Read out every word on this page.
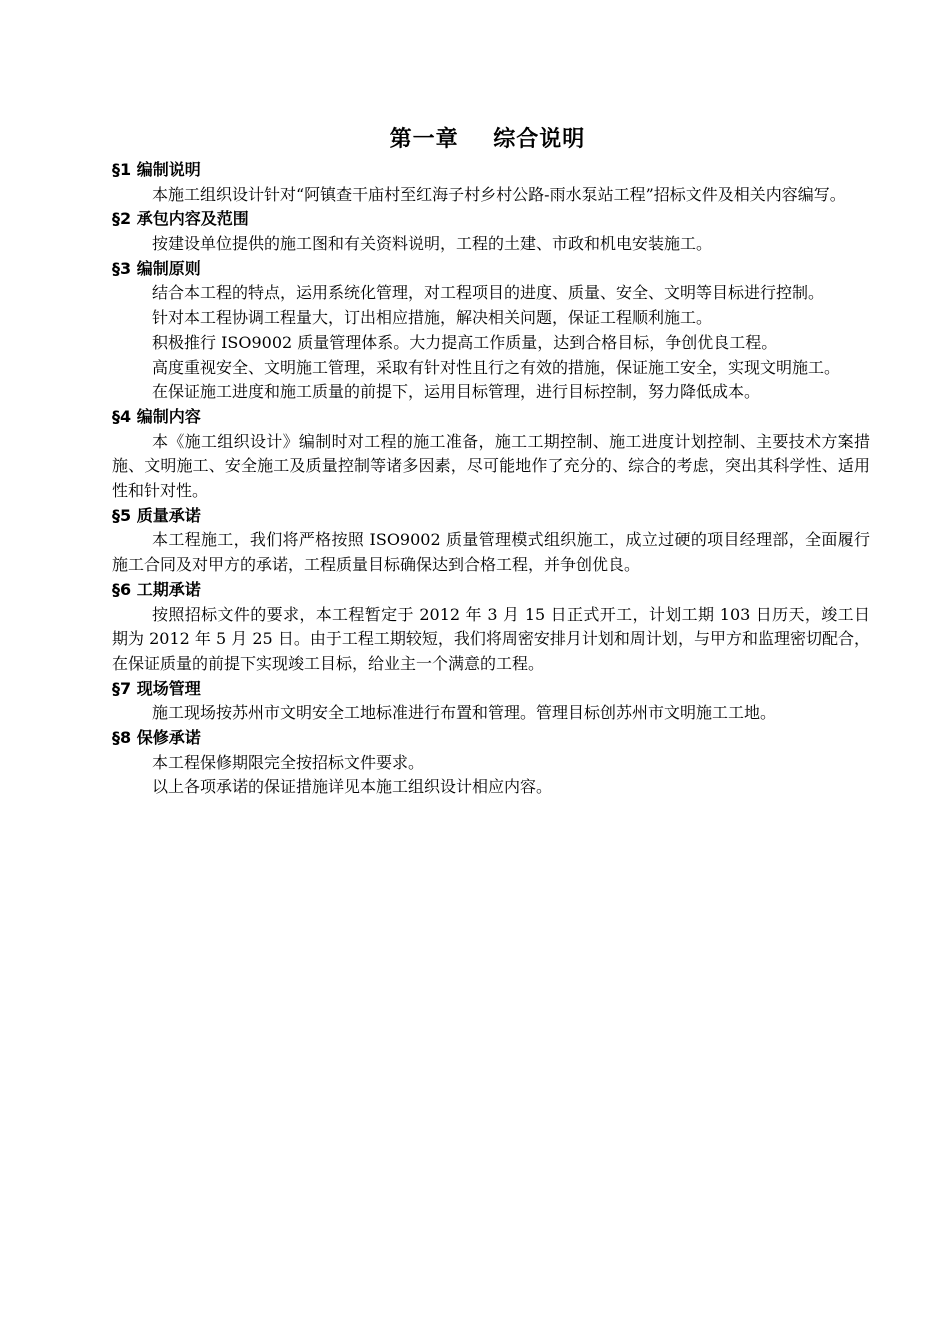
第一章    综合说明
§1 编制说明

本施工组织设计针对“阿镇查干庙村至红海子村乡村公路-雨水泵站工程”招标文件及相关内容编写。

§2 承包内容及范围

按建设单位提供的施工图和有关资料说明，工程的土建、市政和机电安装施工。

§3 编制原则

结合本工程的特点，运用系统化管理，对工程项目的进度、质量、安全、文明等目标进行控制。

针对本工程协调工程量大，订出相应措施，解决相关问题，保证工程顺利施工。

积极推行 ISO9002 质量管理体系。大力提高工作质量，达到合格目标，争创优良工程。

高度重视安全、文明施工管理，采取有针对性且行之有效的措施，保证施工安全，实现文明施工。

在保证施工进度和施工质量的前提下，运用目标管理，进行目标控制，努力降低成本。

§4 编制内容

本《施工组织设计》编制时对工程的施工准备，施工工期控制、施工进度计划控制、主要技术方案措施、文明施工、安全施工及质量控制等诸多因素，尽可能地作了充分的、综合的考虑，突出其科学性、适用性和针对性。

§5 质量承诺

本工程施工，我们将严格按照 ISO9002 质量管理模式组织施工，成立过硬的项目经理部，全面履行施工合同及对甲方的承诺，工程质量目标确保达到合格工程，并争创优良。

§6 工期承诺

按照招标文件的要求，本工程暂定于 2012 年 3 月 15 日正式开工，计划工期 103 日历天，竣工日期为 2012 年 5 月 25 日。由于工程工期较短，我们将周密安排月计划和周计划，与甲方和监理密切配合，在保证质量的前提下实现竣工目标，给业主一个满意的工程。

§7 现场管理

施工现场按苏州市文明安全工地标准进行布置和管理。管理目标创苏州市文明施工工地。

§8 保修承诺

本工程保修期限完全按招标文件要求。

以上各项承诺的保证措施详见本施工组织设计相应内容。
